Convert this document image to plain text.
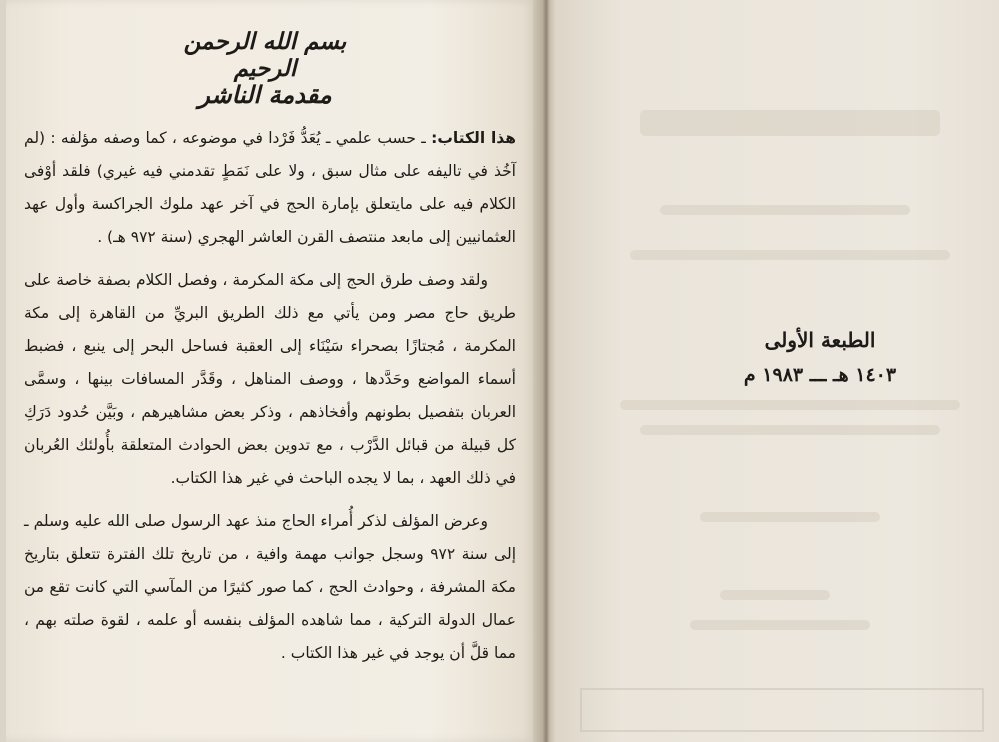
بسم الله الرحمن الرحيم
مقدمة الناشر

هذا الكتاب: ـ حسب علمي ـ يُعَدُّ فَرْدا في موضوعه ، كما وصفه مؤلفه : (لم آخُذ في تاليفه على مثال سبق ، ولا على نَمَطٍ تقدمني فيه غيري) فلقد أوْفى الكلام فيه على مايتعلق بإمارة الحج في آخر عهد ملوك الجراكسة وأول عهد العثمانيين إلى مابعد منتصف القرن العاشر الهجري (سنة ٩٧٢ هـ) .

ولقد وصف طرق الحج إلى مكة المكرمة ، وفصل الكلام بصفة خاصة على طريق حاج مصر ومن يأتي مع ذلك الطريق البريِّ من القاهرة إلى مكة المكرمة ، مُجتازًا بصحراء سَيْنَاء إلى العقبة فساحل البحر إلى ينبع ، فضبط أسماء المواضع وحَدَّدها ، ووصف المناهل ، وقَدَّر المسافات بينها ، وسمَّى العربان بتفصيل بطونهم وأفخاذهم ، وذكر بعض مشاهيرهم ، وبَيَّن حُدود دَرَكِ كل قبيلة من قبائل الدَّرْب ، مع تدوين بعض الحوادث المتعلقة بأُولئك العُربان في ذلك العهد ، بما لا يجده الباحث في غير هذا الكتاب.

وعرض المؤلف لذكر أُمراء الحاج منذ عهد الرسول صلى الله عليه وسلم ـ إلى سنة ٩٧٢ وسجل جوانب مهمة وافية ، من تاريخ تلك الفترة تتعلق بتاريخ مكة المشرفة ، وحوادث الحج ، كما صور كثيرًا من المآسي التي كانت تقع من عمال الدولة التركية ، مما شاهده المؤلف بنفسه أو علمه ، لقوة صلته بهم ، مما قلَّ أن يوجد في غير هذا الكتاب .

الطبعة الأولى
١٤٠٣ هـ ـــ ١٩٨٣ م
